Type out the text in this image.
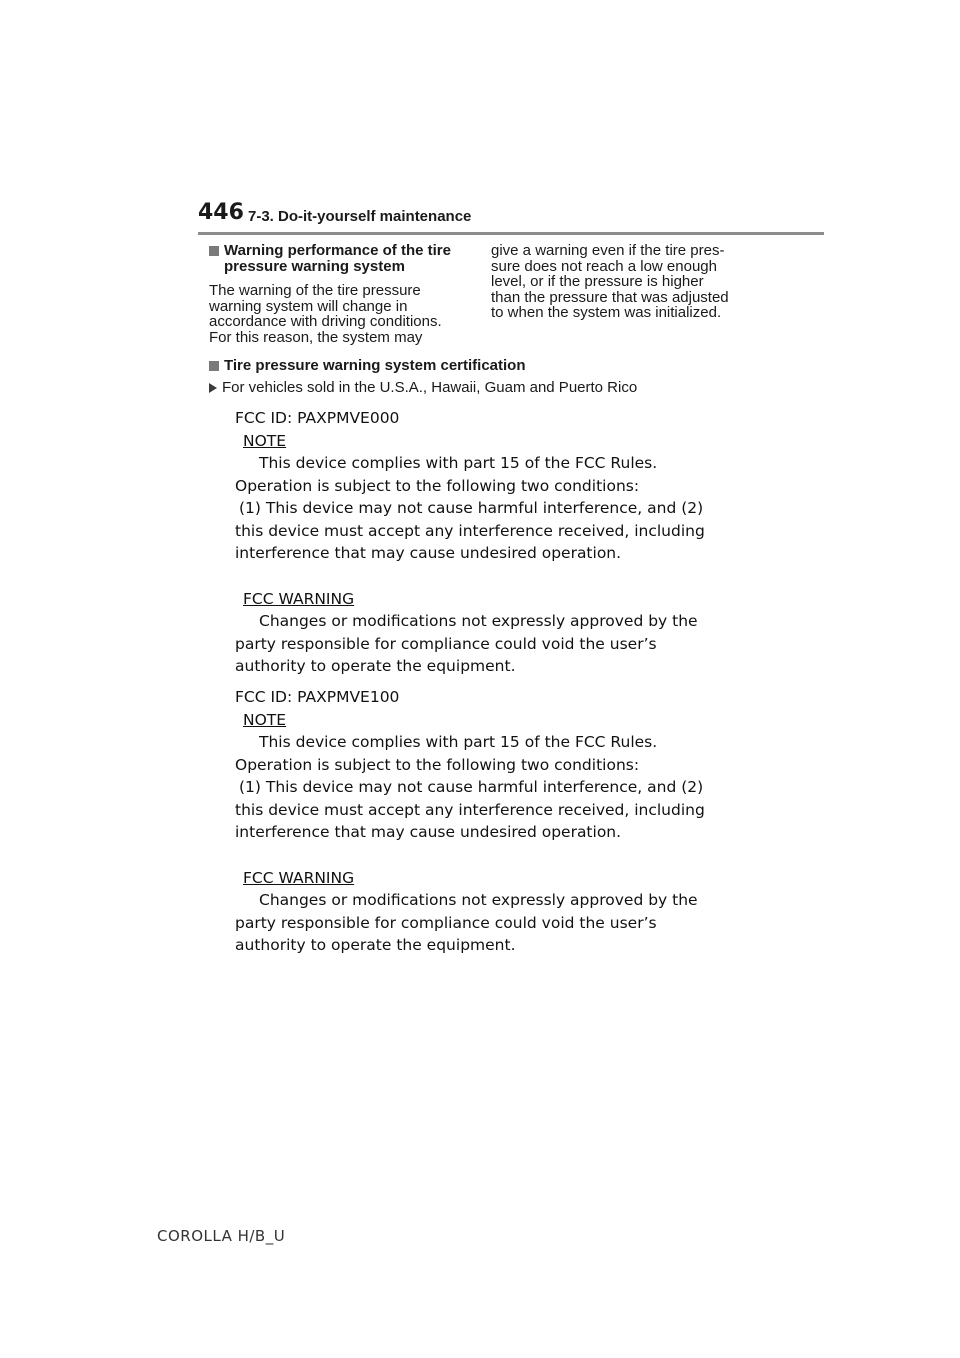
446 7-3. Do-it-yourself maintenance
Warning performance of the tire pressure warning system
The warning of the tire pressure
warning system will change in
accordance with driving conditions.
For this reason, the system may
give a warning even if the tire pres-
sure does not reach a low enough
level, or if the pressure is higher
than the pressure that was adjusted
to when the system was initialized.
Tire pressure warning system certification
For vehicles sold in the U.S.A., Hawaii, Guam and Puerto Rico
FCC ID: PAXPMVE000
NOTE
This device complies with part 15 of the FCC Rules.
Operation is subject to the following two conditions:
(1) This device may not cause harmful interference, and (2)
this device must accept any interference received, including
interference that may cause undesired operation.
FCC WARNING
Changes or modifications not expressly approved by the
party responsible for compliance could void the user’s
authority to operate the equipment.
FCC ID: PAXPMVE100
NOTE
This device complies with part 15 of the FCC Rules.
Operation is subject to the following two conditions:
(1) This device may not cause harmful interference, and (2)
this device must accept any interference received, including
interference that may cause undesired operation.
FCC WARNING
Changes or modifications not expressly approved by the
party responsible for compliance could void the user’s
authority to operate the equipment.
COROLLA H/B_U
